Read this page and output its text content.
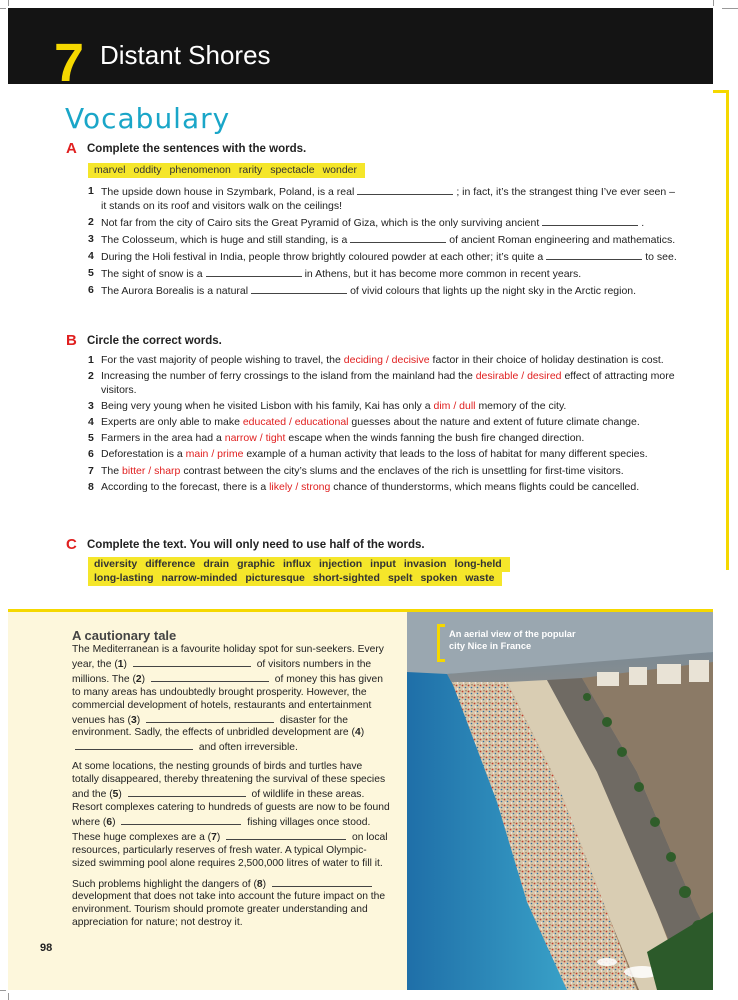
7 Distant Shores
Vocabulary
A Complete the sentences with the words.
marvel oddity phenomenon rarity spectacle wonder
1 The upside down house in Szymbark, Poland, is a real	; in fact, it’s the strangest thing I’ve ever seen – it stands on its roof and visitors walk on the ceilings!
2 Not far from the city of Cairo sits the Great Pyramid of Giza, which is the only surviving ancient	.
3 The Colosseum, which is huge and still standing, is a	of ancient Roman engineering and mathematics.
4 During the Holi festival in India, people throw brightly coloured powder at each other; it’s quite a	to see.
5 The sight of snow is a	in Athens, but it has become more common in recent years.
6 The Aurora Borealis is a natural	of vivid colours that lights up the night sky in the Arctic region.
B Circle the correct words.
1 For the vast majority of people wishing to travel, the deciding / decisive factor in their choice of holiday destination is cost.
2 Increasing the number of ferry crossings to the island from the mainland had the desirable / desired effect of attracting more visitors.
3 Being very young when he visited Lisbon with his family, Kai has only a dim / dull memory of the city.
4 Experts are only able to make educated / educational guesses about the nature and extent of future climate change.
5 Farmers in the area had a narrow / tight escape when the winds fanning the bush fire changed direction.
6 Deforestation is a main / prime example of a human activity that leads to the loss of habitat for many different species.
7 The bitter / sharp contrast between the city’s slums and the enclaves of the rich is unsettling for first-time visitors.
8 According to the forecast, there is a likely / strong chance of thunderstorms, which means flights could be cancelled.
C Complete the text. You will only need to use half of the words.
diversity difference drain graphic influx injection input invasion long-held
long-lasting narrow-minded picturesque short-sighted spelt spoken waste
A cautionary tale

The Mediterranean is a favourite holiday spot for sun-seekers. Every year, the (1)	of visitors numbers in the millions. The (2)	of money this has given to many areas has undoubtedly brought prosperity. However, the commercial development of hotels, restaurants and entertainment venues has (3)	disaster for the environment. Sadly, the effects of unbridled development are (4)  and often irreversible.

At some locations, the nesting grounds of birds and turtles have totally disappeared, thereby threatening the survival of these species and the (5)	of wildlife in these areas. Resort complexes catering to hundreds of guests are now to be found where (6)	fishing villages once stood. These huge complexes are a (7)	on local resources, particularly reserves of fresh water. A typical Olympic-sized swimming pool alone requires 2,500,000 litres of water to fill it.

Such problems highlight the dangers of (8)  development that does not take into account the future impact on the environment. Tourism should promote greater understanding and appreciation for nature; not destroy it.

An aerial view of the popular city Nice in France
98
